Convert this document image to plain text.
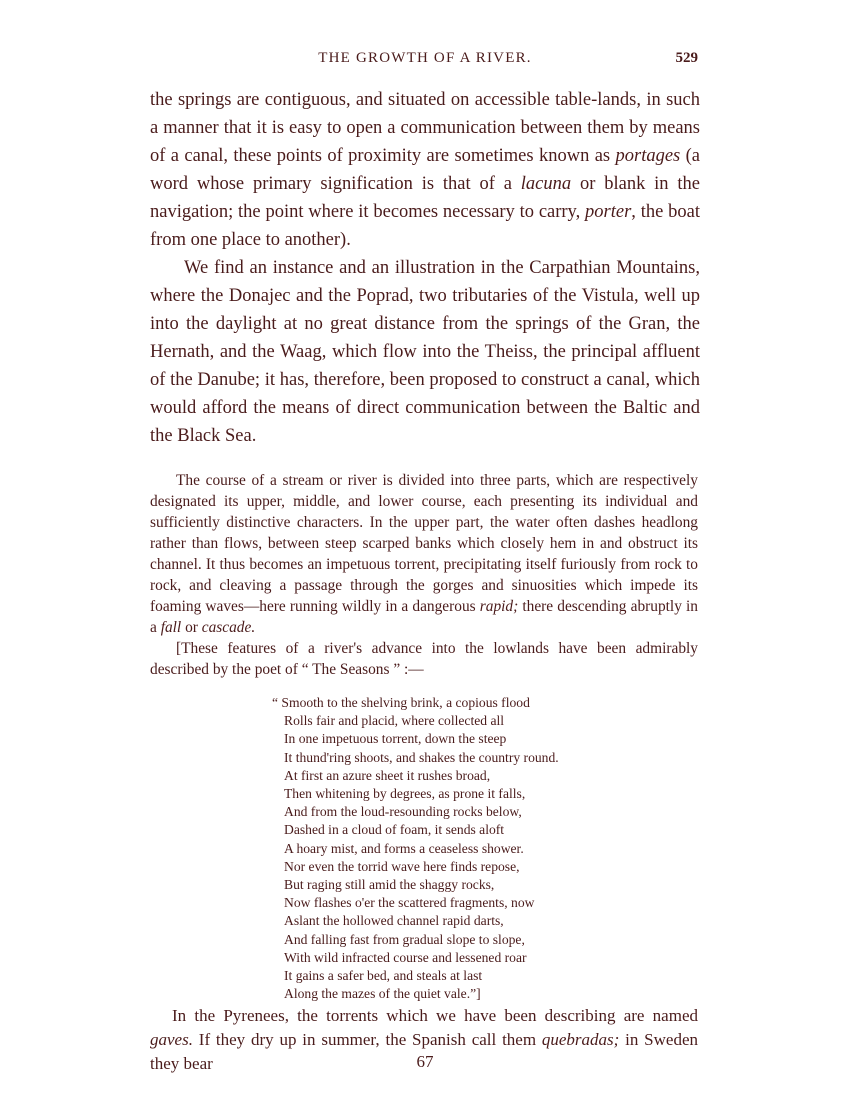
THE GROWTH OF A RIVER.	529

the springs are contiguous, and situated on accessible table-lands, in such a manner that it is easy to open a communication between them by means of a canal, these points of proximity are sometimes known as portages (a word whose primary signification is that of a lacuna or blank in the navigation; the point where it becomes necessary to carry, porter, the boat from one place to another).

We find an instance and an illustration in the Carpathian Mountains, where the Donajec and the Poprad, two tributaries of the Vistula, well up into the daylight at no great distance from the springs of the Gran, the Hernath, and the Waag, which flow into the Theiss, the principal affluent of the Danube; it has, therefore, been proposed to construct a canal, which would afford the means of direct communication between the Baltic and the Black Sea.

The course of a stream or river is divided into three parts, which are respectively designated its upper, middle, and lower course, each presenting its individual and sufficiently distinctive characters. In the upper part, the water often dashes headlong rather than flows, between steep scarped banks which closely hem in and obstruct its channel. It thus becomes an impetuous torrent, precipitating itself furiously from rock to rock, and cleaving a passage through the gorges and sinuosities which impede its foaming waves—here running wildly in a dangerous rapid; there descending abruptly in a fall or cascade.

[These features of a river's advance into the lowlands have been admirably described by the poet of “ The Seasons ” :—

“ Smooth to the shelving brink, a copious flood
Rolls fair and placid, where collected all
In one impetuous torrent, down the steep
It thund'ring shoots, and shakes the country round.
At first an azure sheet it rushes broad,
Then whitening by degrees, as prone it falls,
And from the loud-resounding rocks below,
Dashed in a cloud of foam, it sends aloft
A hoary mist, and forms a ceaseless shower.
Nor even the torrid wave here finds repose,
But raging still amid the shaggy rocks,
Now flashes o'er the scattered fragments, now
Aslant the hollowed channel rapid darts,
And falling fast from gradual slope to slope,
With wild infracted course and lessened roar
It gains a safer bed, and steals at last
Along the mazes of the quiet vale.”]

In the Pyrenees, the torrents which we have been describing are named gaves. If they dry up in summer, the Spanish call them quebradas; in Sweden they bear	67
